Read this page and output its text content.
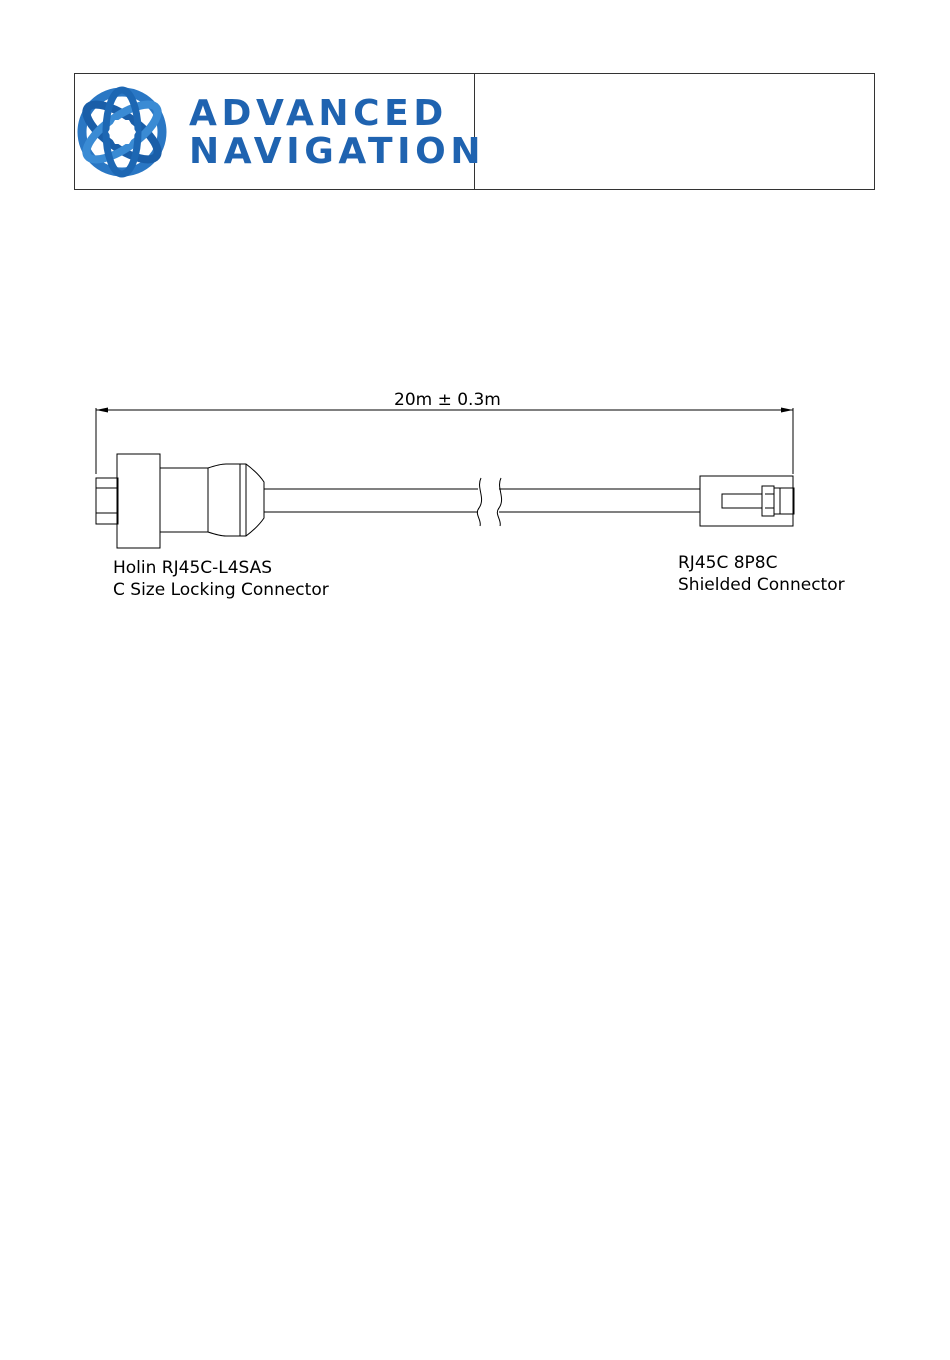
ADVANCED
NAVIGATION
20m ± 0.3m
Holin RJ45C-L4SAS
C Size Locking Connector
RJ45C 8P8C
Shielded Connector
